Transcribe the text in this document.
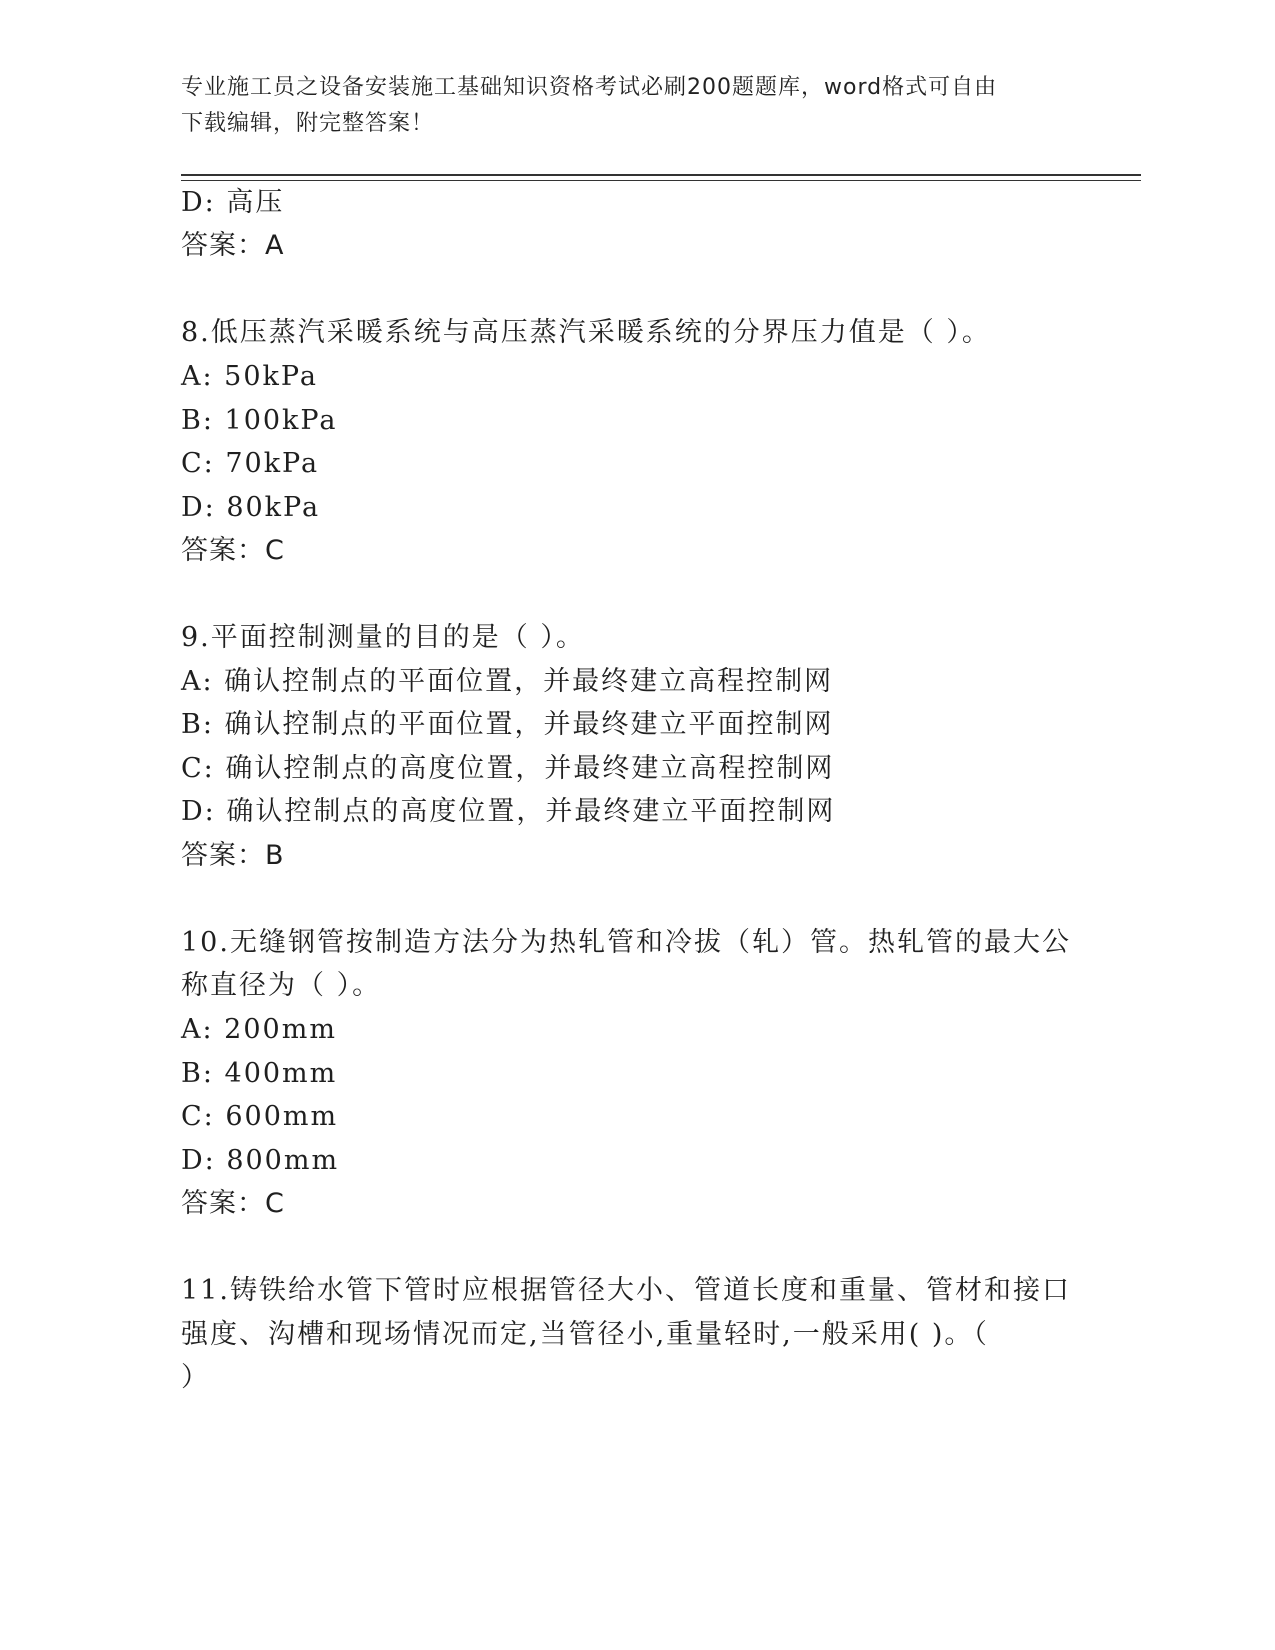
专业施工员之设备安装施工基础知识资格考试必刷200题题库，word格式可自由
下载编辑，附完整答案！

D: 高压

答案：A

8.低压蒸汽采暖系统与高压蒸汽采暖系统的分界压力值是（ ）。

A: 50kPa

B: 100kPa

C: 70kPa

D: 80kPa

答案：C

9.平面控制测量的目的是（ ）。

A: 确认控制点的平面位置，并最终建立高程控制网

B: 确认控制点的平面位置，并最终建立平面控制网

C: 确认控制点的高度位置，并最终建立高程控制网

D: 确认控制点的高度位置，并最终建立平面控制网

答案：B

10.无缝钢管按制造方法分为热轧管和冷拔（轧）管。热轧管的最大公

称直径为（ ）。

A: 200mm

B: 400mm

C: 600mm

D: 800mm

答案：C

11.铸铁给水管下管时应根据管径大小、管道长度和重量、管材和接口

强度、沟槽和现场情况而定,当管径小,重量轻时,一般采用( )。（

）
